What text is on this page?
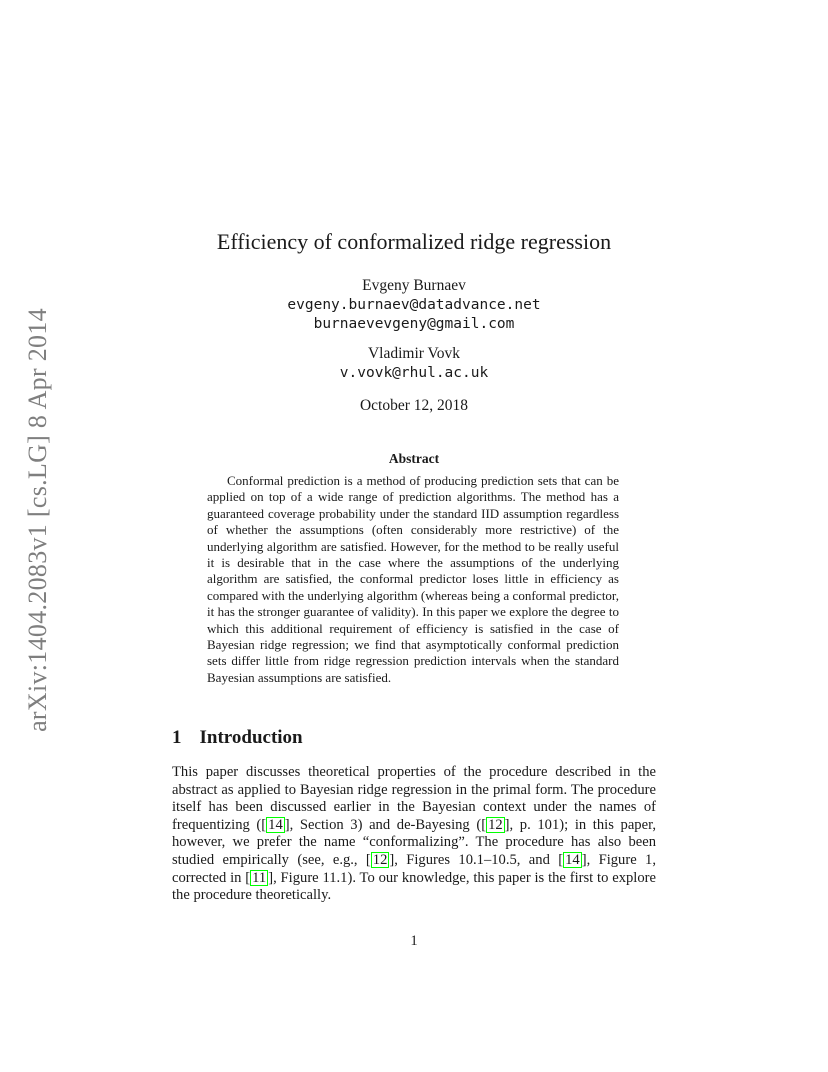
arXiv:1404.2083v1 [cs.LG] 8 Apr 2014
Efficiency of conformalized ridge regression
Evgeny Burnaev
evgeny.burnaev@datadvance.net
burnaevevgeny@gmail.com
Vladimir Vovk
v.vovk@rhul.ac.uk
October 12, 2018
Abstract
Conformal prediction is a method of producing prediction sets that can be applied on top of a wide range of prediction algorithms. The method has a guaranteed coverage probability under the standard IID assumption regardless of whether the assumptions (often considerably more restrictive) of the underlying algorithm are satisfied. However, for the method to be really useful it is desirable that in the case where the assumptions of the underlying algorithm are satisfied, the conformal predictor loses little in efficiency as compared with the underlying algorithm (whereas being a conformal predictor, it has the stronger guarantee of validity). In this paper we explore the degree to which this additional requirement of efficiency is satisfied in the case of Bayesian ridge regression; we find that asymptotically conformal prediction sets differ little from ridge regression prediction intervals when the standard Bayesian assumptions are satisfied.
1 Introduction

This paper discusses theoretical properties of the procedure described in the abstract as applied to Bayesian ridge regression in the primal form. The procedure itself has been discussed earlier in the Bayesian context under the names of frequentizing ([ 14 ], Section 3) and de-Bayesing ([ 12 ], p. 101); in this paper, however, we prefer the name “conformalizing”. The procedure has also been studied empirically (see, e.g., [ 12 ], Figures 10.1–10.5, and [ 14 ], Figure 1, corrected in [ 11 ], Figure 11.1). To our knowledge, this paper is the first to explore the procedure theoretically.

1
